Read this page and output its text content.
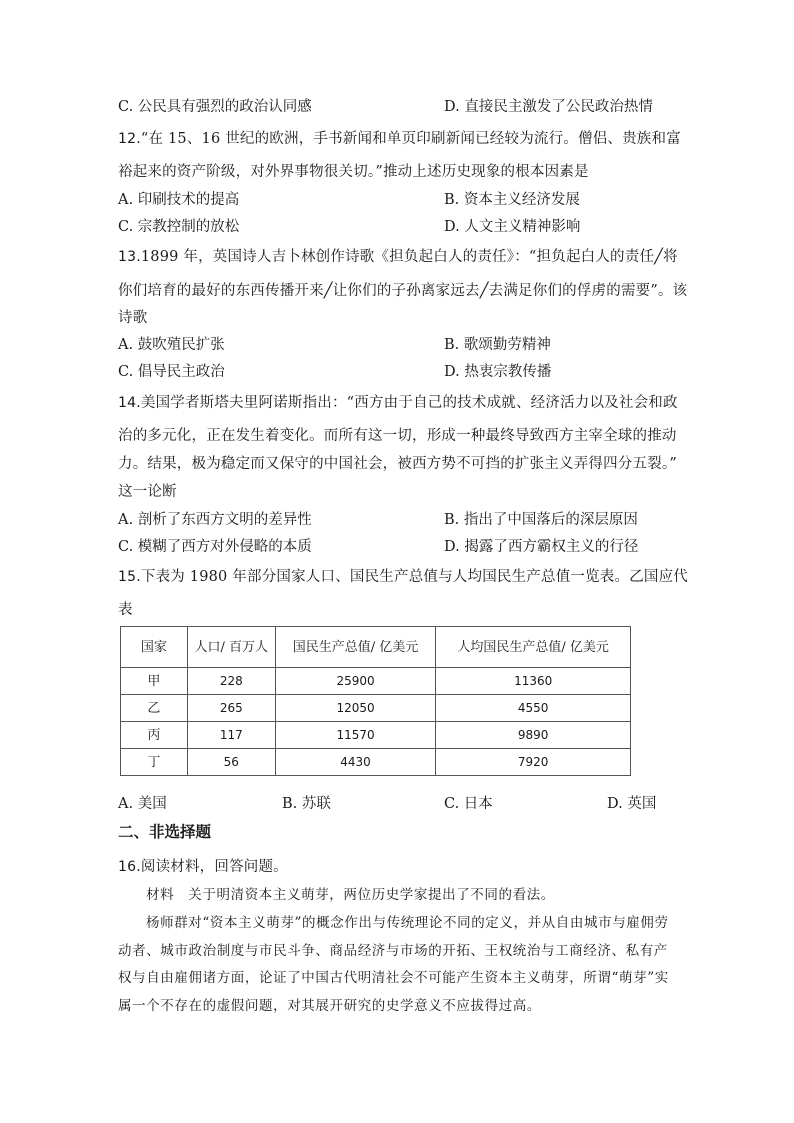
C. 公民具有强烈的政治认同感	D. 直接民主激发了公民政治热情
12.“在 15、16 世纪的欧洲，手书新闻和单页印刷新闻已经较为流行。僧侣、贵族和富
裕起来的资产阶级，对外界事物很关切。”推动上述历史现象的根本因素是
A. 印刷技术的提高	B. 资本主义经济发展
C. 宗教控制的放松	D. 人文主义精神影响
13.1899 年，英国诗人吉卜林创作诗歌《担负起白人的责任》：“担负起白人的责任╱将
你们培育的最好的东西传播开来╱让你们的子孙离家远去╱去满足你们的俘虏的需要”。该
诗歌
A. 鼓吹殖民扩张	B. 歌颂勤劳精神
C. 倡导民主政治	D. 热衷宗教传播
14.美国学者斯塔夫里阿诺斯指出：“西方由于自己的技术成就、经济活力以及社会和政
治的多元化，正在发生着变化。而所有这一切，形成一种最终导致西方主宰全球的推动
力。结果，极为稳定而又保守的中国社会，被西方势不可挡的扩张主义弄得四分五裂。”
这一论断
A. 剖析了东西方文明的差异性	B. 指出了中国落后的深层原因
C. 模糊了西方对外侵略的本质	D. 揭露了西方霸权主义的行径
15.下表为 1980 年部分国家人口、国民生产总值与人均国民生产总值一览表。乙国应代
表
国家	人口/ 百万人	国民生产总值/ 亿美元	人均国民生产总值/ 亿美元
甲	228	25900	11360
乙	265	12050	4550
丙	117	11570	9890
丁	56	4430	7920
A. 美国	B. 苏联	C. 日本	D. 英国
二、非选择题
16.阅读材料，回答问题。
材料　关于明清资本主义萌芽，两位历史学家提出了不同的看法。
杨师群对“资本主义萌芽”的概念作出与传统理论不同的定义，并从自由城市与雇佣劳动者、城市政治制度与市民斗争、商品经济与市场的开拓、王权统治与工商经济、私有产权与自由雇佣诸方面，论证了中国古代明清社会不可能产生资本主义萌芽，所谓“萌芽”实属一个不存在的虚假问题，对其展开研究的史学意义不应拔得过高。
